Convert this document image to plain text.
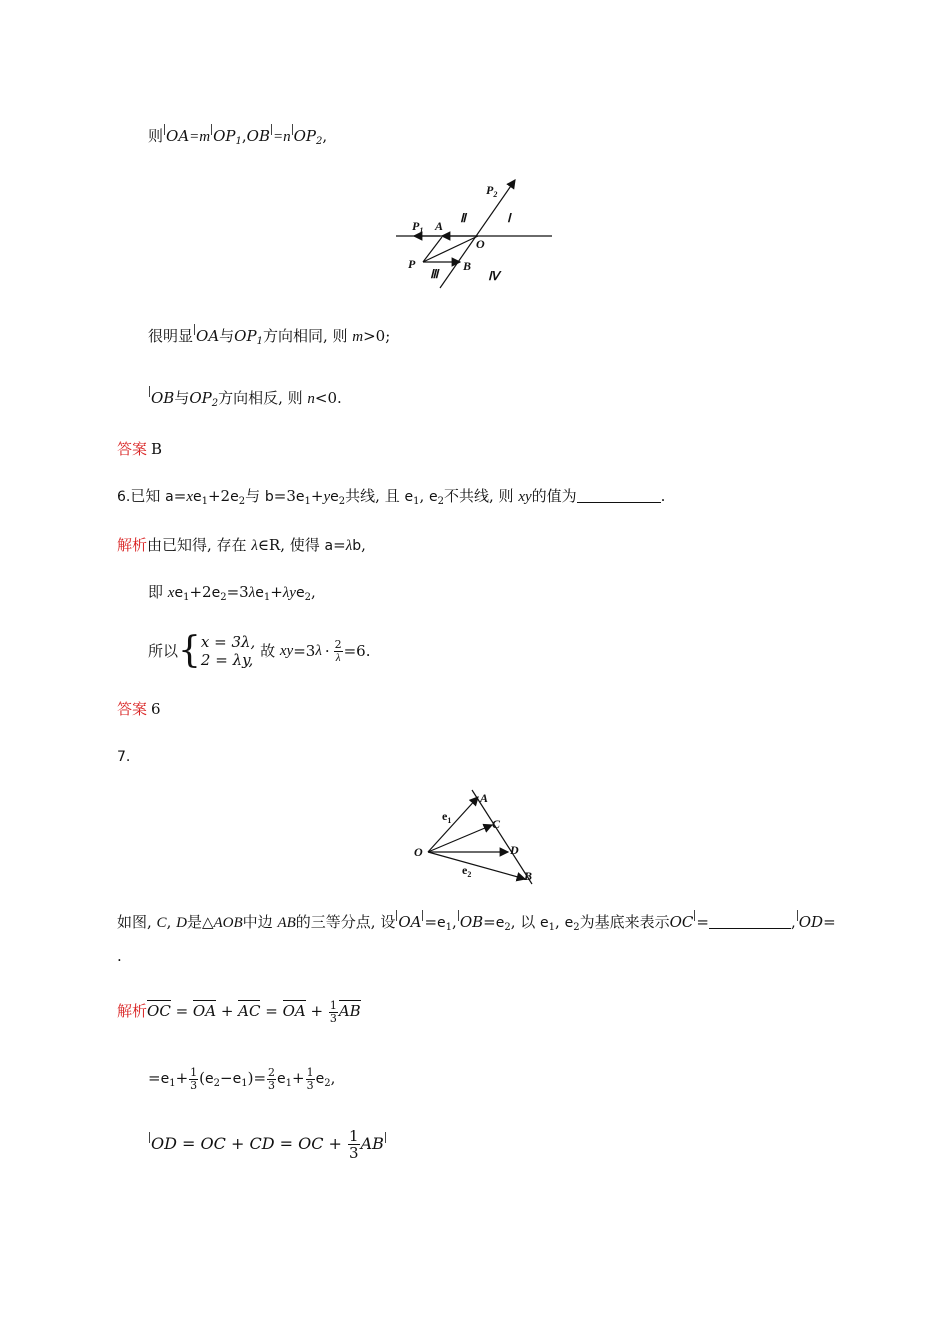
则 OA=m $OP_1,OB =n$ $OP_2$,
$P_2$
Ⅰ
Ⅱ
$P_1$ A
O
P	B
Ⅲ	Ⅳ
很明显 OA与$OP_1$方向相同, 则 m>0;
OB与$OP_2$方向相反, 则 n<0.
答案 B
6.已知 $a=xe_1+2e_2$与 $b=3e_1+ye_2$共线, 且 $e_1$, $e_2$不共线, 则 xy的值为	.
解析由已知得, 存在 λ∈R, 使得 a=λb,
即 $xe_1+2e_2=3\lambda e_1+\lambda ye_2$,
所以{ x = 3λ,
2 = λy, 故 $xy=3\lambda \cdot \frac{2}{\lambda} =6$.
答案 6
7.
A
$e_1$	C
O	D
$e_2$	B
如图, C, D是△AOB中边 AB的三等分点, 设 OA $=e_1$, $OB=e_2$, 以 $e_1$, $e_2$为基底来表示OC =	, OD=
.
解析OC = OA + AC = OA + $\frac{1}{3}$ AB
$=e_1+ \frac{1}{3} (e_2-e_1)= \frac{2}{3} e_1+ \frac{1}{3} e_2$,
OD = OC + CD = OC + $\frac{1}{3}$ AB
